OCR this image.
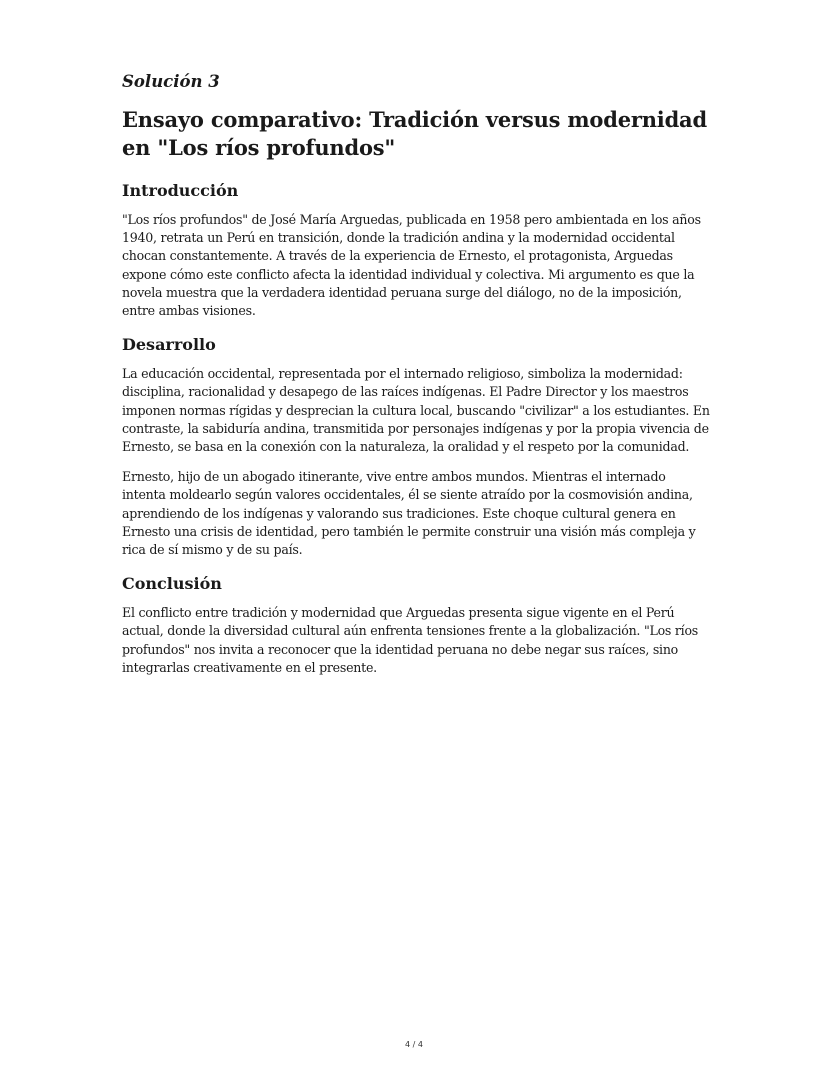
Solución 3
Ensayo comparativo: Tradición versus modernidad en "Los ríos profundos"
Introducción

"Los ríos profundos" de José María Arguedas, publicada en 1958 pero ambientada en los años 1940, retrata un Perú en transición, donde la tradición andina y la modernidad occidental chocan constantemente. A través de la experiencia de Ernesto, el protagonista, Arguedas expone cómo este conflicto afecta la identidad individual y colectiva. Mi argumento es que la novela muestra que la verdadera identidad peruana surge del diálogo, no de la imposición, entre ambas visiones.

Desarrollo

La educación occidental, representada por el internado religioso, simboliza la modernidad: disciplina, racionalidad y desapego de las raíces indígenas. El Padre Director y los maestros imponen normas rígidas y desprecian la cultura local, buscando "civilizar" a los estudiantes. En contraste, la sabiduría andina, transmitida por personajes indígenas y por la propia vivencia de Ernesto, se basa en la conexión con la naturaleza, la oralidad y el respeto por la comunidad.

Ernesto, hijo de un abogado itinerante, vive entre ambos mundos. Mientras el internado intenta moldearlo según valores occidentales, él se siente atraído por la cosmovisión andina, aprendiendo de los indígenas y valorando sus tradiciones. Este choque cultural genera en Ernesto una crisis de identidad, pero también le permite construir una visión más compleja y rica de sí mismo y de su país.

Conclusión

El conflicto entre tradición y modernidad que Arguedas presenta sigue vigente en el Perú actual, donde la diversidad cultural aún enfrenta tensiones frente a la globalización. "Los ríos profundos" nos invita a reconocer que la identidad peruana no debe negar sus raíces, sino integrarlas creativamente en el presente.

4 / 4
